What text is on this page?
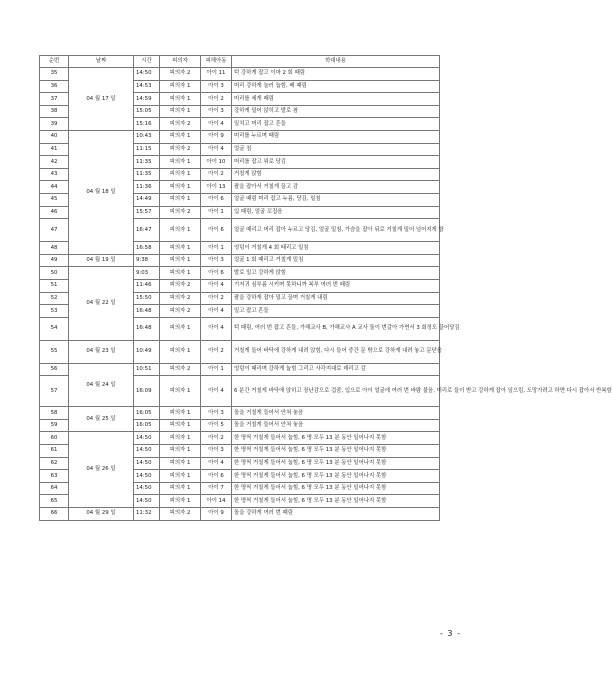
순번	날짜	시간	피의자	피해아동	학대내용
35	04 월 17 일	14:50	피의자 2	아이 11	턱 강하게 잡고 이마 2 회 때림
36		14:53	피의자 1	아이 3	머리 강하게 눌러 눕힘, 배 때림
37		14:59	피의자 1	아이 2	머리를 세게 때림
38		15:05	피의자 1	아이 3	강하게 밀어 앉히고 발로 참
39		15:16	피의자 2	아이 4	밀치고 머리 잡고 흔들
40	04 월 18 일	10:43	피의자 1	아이 9	머리를 누르며 때림
41		11:15	피의자 2	아이 4	얼굴 침
42		11:35	피의자 1	아이 10	머리를 잡고 위로 당김
43		11:35	피의자 1	아이 2	거칠게 앉힘
44		11:36	피의자 1	아이 13	팔을 잡아서 거칠게 끌고 감
45		14:49	피의자 1	아이 6	얼굴 때림 머리 잡고 누름, 당김, 밀침
46		15:57	피의자 2	아이 1	입 때림, 얼굴 꼬집음
47		16:47	피의자 1	아이 6	얼굴 때리고 머리 잡아 누르고 당김, 얼굴 밀침, 가슴을 잡아 뒤로 거칠게 밀어 넘어지게 함
48		16:58	피의자 1	아이 1	엉덩이 거칠게 4 회 때리고 밀침
49	04 월 19 일	9:38	피의자 1	아이 3	얼굴 1 회 때리고 거칠게 밀침
50	04 월 22 일	9:03	피의자 1	아이 6	발로 밀고 강하게 앉힘
51		11:46	피의자 2	아이 4	기저귀 심부름 시키며 못하니까 복부 여러 번 때림
52		15:50	피의자 2	아이 2	팔을 강하게 잡아 밀고 끌며 거칠게 내림
53		16:48	피의자 2	아이 4	밀고 잡고 흔들
54		16:48	피의자 1	아이 4	턱 때림, 여러 번 잡고 흔들, 가해교사 B, 가해교사 A 교사 둘이 번갈아 가면서 3 회정도 끌어당김
55	04 월 23 일	10:49	피의자 1	아이 2	거칠게 들어 바닥에 강하게 내려 앉힘, 다시 들어 중간 문 밖으로 강하게 내려 놓고 문닫음
56	04 월 24 일	10:51	피의자 2	아이 1	엉덩이 때리며 강하게 눕힘 그리고 사각지대로 데리고 감
57		16:09	피의자 1	아이 4	6 분간 거칠게 바닥에 앉히고 장난감으로 겁줌, 입으로 아이 얼굴에 여러 번 바람 불음, 머리로 들이 받고 강하게 잡아 일으킴, 도망가려고 하면 다시 잡아서 반복함
58	04 월 25 일	16:05	피의자 1	아이 3	돌을 거칠게 들어서 안쳐 놓음
59		16:05	피의자 1	아이 5	돌을 거칠게 들어서 안쳐 놓음
60	04 월 26 일	14:50	피의자 1	아이 2	한 명씩 거칠게 들어서 눕힘, 6 명 모두 13 분 동안 일어나지 못함
61		14:50	피의자 1	아이 3	한 명씩 거칠게 들어서 눕힘, 6 명 모두 13 분 동안 일어나지 못함
62		14:50	피의자 1	아이 4	한 명씩 거칠게 들어서 눕힘, 6 명 모두 13 분 동안 일어나지 못함
63		14:50	피의자 1	아이 6	한 명씩 거칠게 들어서 눕힘, 6 명 모두 13 분 동안 일어나지 못함
64		14:50	피의자 1	아이 7	한 명씩 거칠게 들어서 눕힘, 6 명 모두 13 분 동안 일어나지 못함
65		14:50	피의자 1	아이 14	한 명씩 거칠게 들어서 눕힘, 6 명 모두 13 분 동안 일어나지 못함
66	04 월 29 일	11:32	피의자 2	아이 9	돌을 강하게 여러 번 때림
- 3 -
